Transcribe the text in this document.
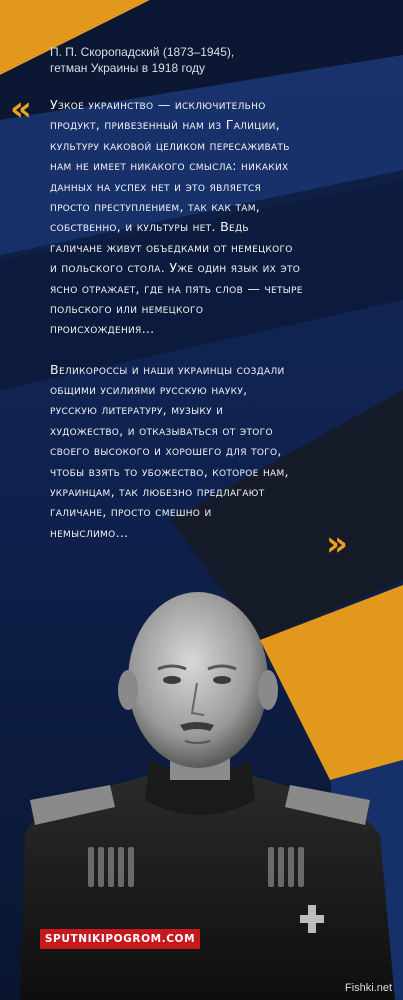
П. П. Скоропадский (1873–1945),
гетман Украины в 1918 году
« Узкое украинство — исключительно
продукт, привезенный нам из Галиции,
культуру каковой целиком пересаживать
нам не имеет никакого смысла: никаких
данных на успех нет и это является
просто преступлением, так как там,
собственно, и культуры нет. Ведь
галичане живут объедками от немецкого
и польского стола. Уже один язык их это
ясно отражает, где на пять слов — четыре
польского или немецкого
происхождения…
Великороссы и наши украинцы создали
общими усилиями русскую науку,
русскую литературу, музыку и
художество, и отказываться от этого
своего высокого и хорошего для того,
чтобы взять то убожество, которое нам,
украинцам, так любезно предлагают
галичане, просто смешно и
немыслимо…	»
SPUTNIKIPOGROM.COM
Fishki.net
